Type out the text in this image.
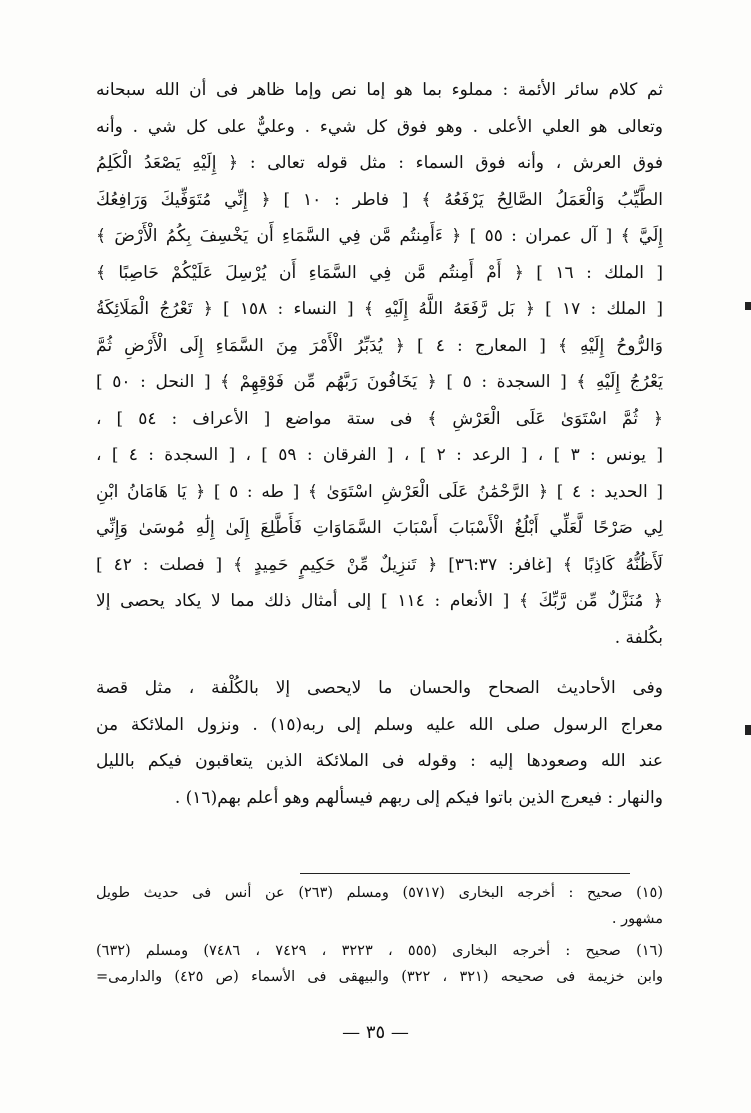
ثم كلام سائر الأئمة : مملوء بما هو إما نص وإما ظاهر فى أن الله سبحانه
وتعالى هو العلي الأعلى . وهو فوق كل شيء . وعليٌّ على كل شي . وأنه
فوق العرش ، وأنه فوق السماء : مثل قوله تعالى : ﴿ إِلَيْهِ يَصْعَدُ الْكَلِمُ
الطَّيِّبُ وَالْعَمَلُ الصَّالِحُ يَرْفَعُهُ ﴾ [ فاطر : ١٠ ] ﴿ إِنِّي مُتَوَفِّيكَ وَرَافِعُكَ
إِلَيَّ ﴾ [ آل عمران : ٥٥ ] ﴿ ءَأَمِنتُم مَّن فِي السَّمَاءِ أَن يَخْسِفَ بِكُمُ الْأَرْضَ ﴾
[ الملك : ١٦ ] ﴿ أَمْ أَمِنتُم مَّن فِي السَّمَاءِ أَن يُرْسِلَ عَلَيْكُمْ حَاصِبًا ﴾
[ الملك : ١٧ ] ﴿ بَل رَّفَعَهُ اللَّهُ إِلَيْهِ ﴾ [ النساء : ١٥٨ ] ﴿ تَعْرُجُ الْمَلَائِكَةُ
وَالرُّوحُ إِلَيْهِ ﴾ [ المعارج : ٤ ] ﴿ يُدَبِّرُ الْأَمْرَ مِنَ السَّمَاءِ إِلَى الْأَرْضِ ثُمَّ
يَعْرُجُ إِلَيْهِ ﴾ [ السجدة : ٥ ] ﴿ يَخَافُونَ رَبَّهُم مِّن فَوْقِهِمْ ﴾ [ النحل : ٥٠ ]
﴿ ثُمَّ اسْتَوَىٰ عَلَى الْعَرْشِ ﴾ فى ستة مواضع [ الأعراف : ٥٤ ] ،
[ يونس : ٣ ] ، [ الرعد : ٢ ] ، [ الفرقان : ٥٩ ] ، [ السجدة : ٤ ] ،
[ الحديد : ٤ ] ﴿ الرَّحْمَٰنُ عَلَى الْعَرْشِ اسْتَوَىٰ ﴾ [ طه : ٥ ] ﴿ يَا هَامَانُ ابْنِ
لِي صَرْحًا لَّعَلِّي أَبْلُغُ الْأَسْبَابَ أَسْبَابَ السَّمَاوَاتِ فَأَطَّلِعَ إِلَىٰ إِلَٰهِ مُوسَىٰ وَإِنِّي
لَأَظُنُّهُ كَاذِبًا ﴾ [غافر: ٣٦:٣٧] ﴿ تَنزِيلٌ مِّنْ حَكِيمٍ حَمِيدٍ ﴾ [ فصلت : ٤٢ ]
﴿ مُنَزَّلٌ مِّن رَّبِّكَ ﴾ [ الأنعام : ١١٤ ] إلى أمثال ذلك مما لا يكاد يحصى إلا
بكُلفة .
وفى الأحاديث الصحاح والحسان ما لايحصى إلا بالكُلْفة ، مثل قصة
معراج الرسول صلى الله عليه وسلم إلى ربه(١٥) . ونزول الملائكة من
عند الله وصعودها إليه : وقوله فى الملائكة الذين يتعاقبون فيكم بالليل
والنهار : فيعرج الذين باتوا فيكم إلى ربهم فيسألهم وهو أعلم بهم(١٦) .
(١٥) صحيح : أخرجه البخارى (٥٧١٧) ومسلم (٢٦٣) عن أنس فى حديث طويل
مشهور .
(١٦) صحيح : أخرجه البخارى (٥٥٥ ، ٣٢٢٣ ، ٧٤٢٩ ، ٧٤٨٦) ومسلم (٦٣٢)
وابن خزيمة فى صحيحه (٣٢١ ، ٣٢٢) والبيهقى فى الأسماء (ص ٤٢٥) والدارمى=
— ٣٥ —
